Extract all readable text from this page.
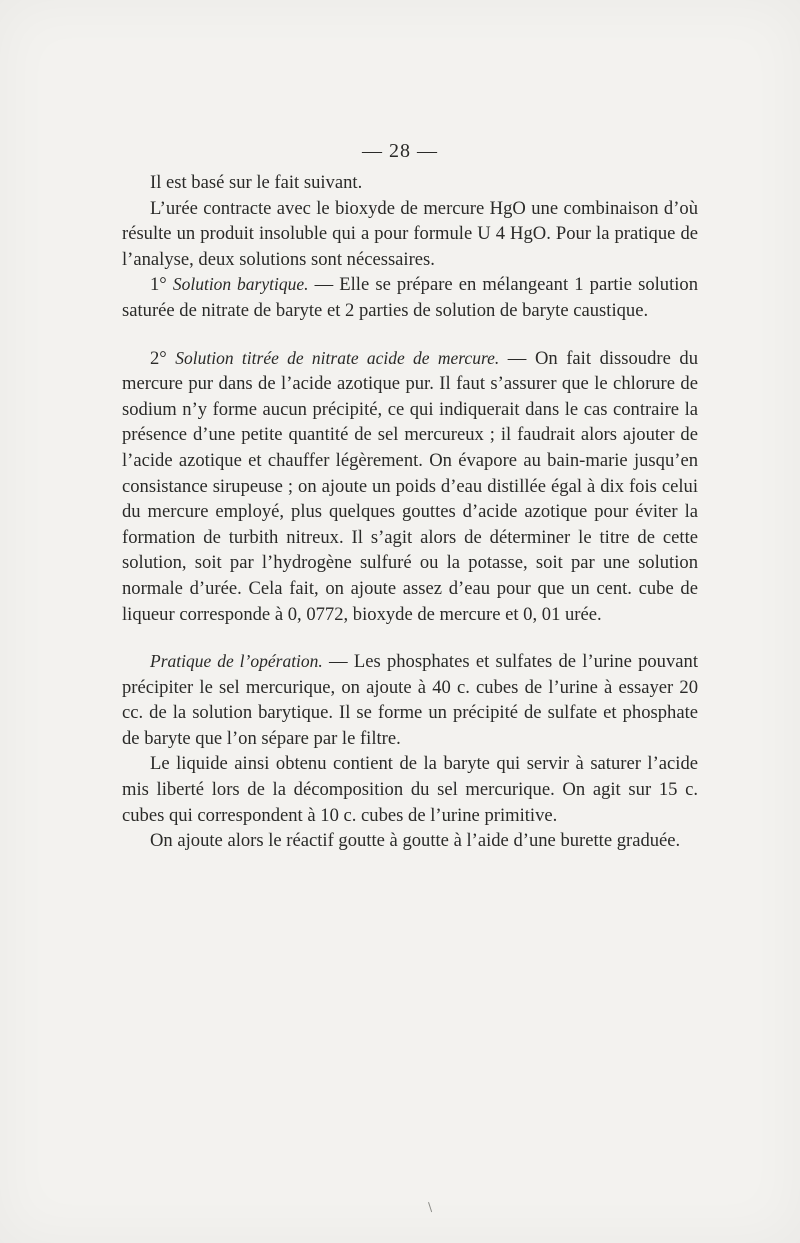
— 28 —

Il est basé sur le fait suivant.

L’urée contracte avec le bioxyde de mercure HgO une combinaison d’où résulte un produit insoluble qui a pour formule U 4 HgO. Pour la pratique de l’analyse, deux solutions sont nécessaires.

1° Solution barytique. — Elle se prépare en mélangeant 1 partie solution saturée de nitrate de baryte et 2 parties de solution de baryte caustique.

2° Solution titrée de nitrate acide de mercure. — On fait dissoudre du mercure pur dans de l’acide azotique pur. Il faut s’assurer que le chlorure de sodium n’y forme aucun précipité, ce qui indiquerait dans le cas contraire la présence d’une petite quantité de sel mercureux ; il faudrait alors ajouter de l’acide azotique et chauffer légèrement. On évapore au bain-marie jusqu’en consistance sirupeuse ; on ajoute un poids d’eau distillée égal à dix fois celui du mercure employé, plus quelques gouttes d’acide azotique pour éviter la formation de turbith nitreux. Il s’agit alors de déterminer le titre de cette solution, soit par l’hydrogène sulfuré ou la potasse, soit par une solution normale d’urée. Cela fait, on ajoute assez d’eau pour que un cent. cube de liqueur corresponde à 0, 0772, bioxyde de mercure et 0, 01 urée.

Pratique de l’opération. — Les phosphates et sulfates de l’urine pouvant précipiter le sel mercurique, on ajoute à 40 c. cubes de l’urine à essayer 20 cc. de la solution barytique. Il se forme un précipité de sulfate et phosphate de baryte que l’on sépare par le filtre.

Le liquide ainsi obtenu contient de la baryte qui servir à saturer l’acide mis liberté lors de la décomposition du sel mercurique. On agit sur 15 c. cubes qui correspondent à 10 c. cubes de l’urine primitive.

On ajoute alors le réactif goutte à goutte à l’aide d’une burette graduée.

/
